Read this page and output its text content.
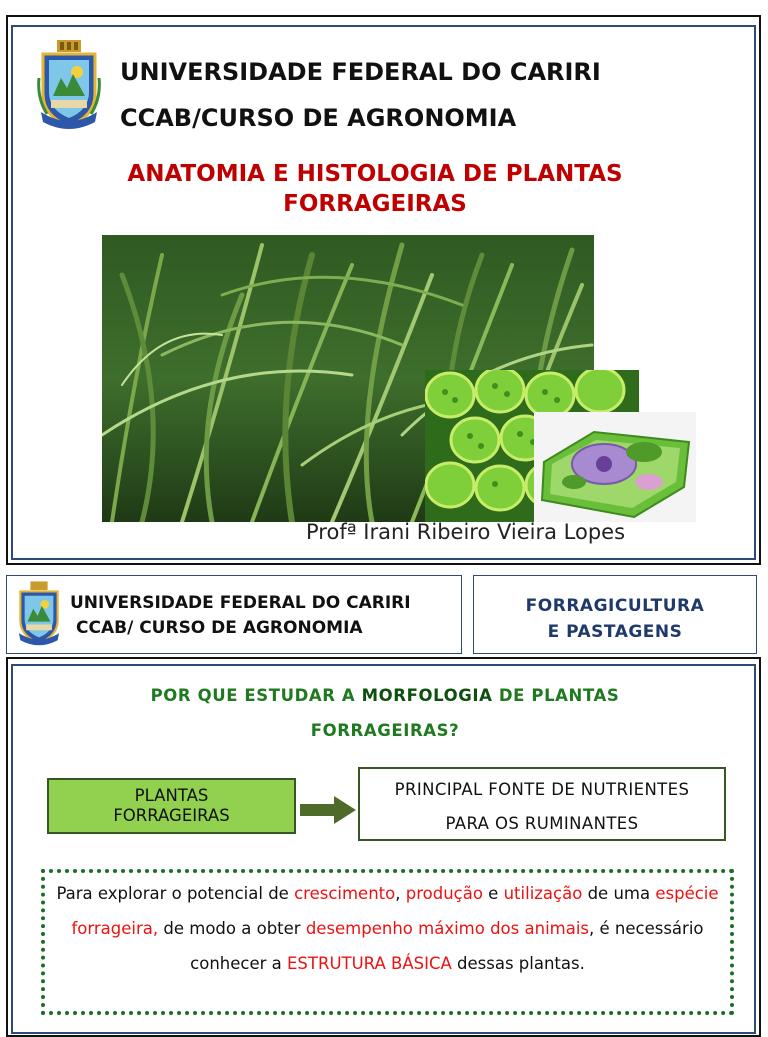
UNIVERSIDADE FEDERAL DO CARIRI
CCAB/CURSO DE AGRONOMIA
ANATOMIA E HISTOLOGIA DE PLANTAS
FORRAGEIRAS
Profª Irani Ribeiro Vieira Lopes
UNIVERSIDADE FEDERAL DO CARIRI
CCAB/ CURSO DE AGRONOMIA
FORRAGICULTURA
E PASTAGENS
POR QUE ESTUDAR A MORFOLOGIA DE PLANTAS
FORRAGEIRAS?
PLANTAS
FORRAGEIRAS
PRINCIPAL FONTE DE NUTRIENTES
PARA OS RUMINANTES
Para explorar o potencial de crescimento, produção e utilização de uma espécie forrageira, de modo a obter desempenho máximo dos animais, é necessário conhecer a ESTRUTURA BÁSICA dessas plantas.
